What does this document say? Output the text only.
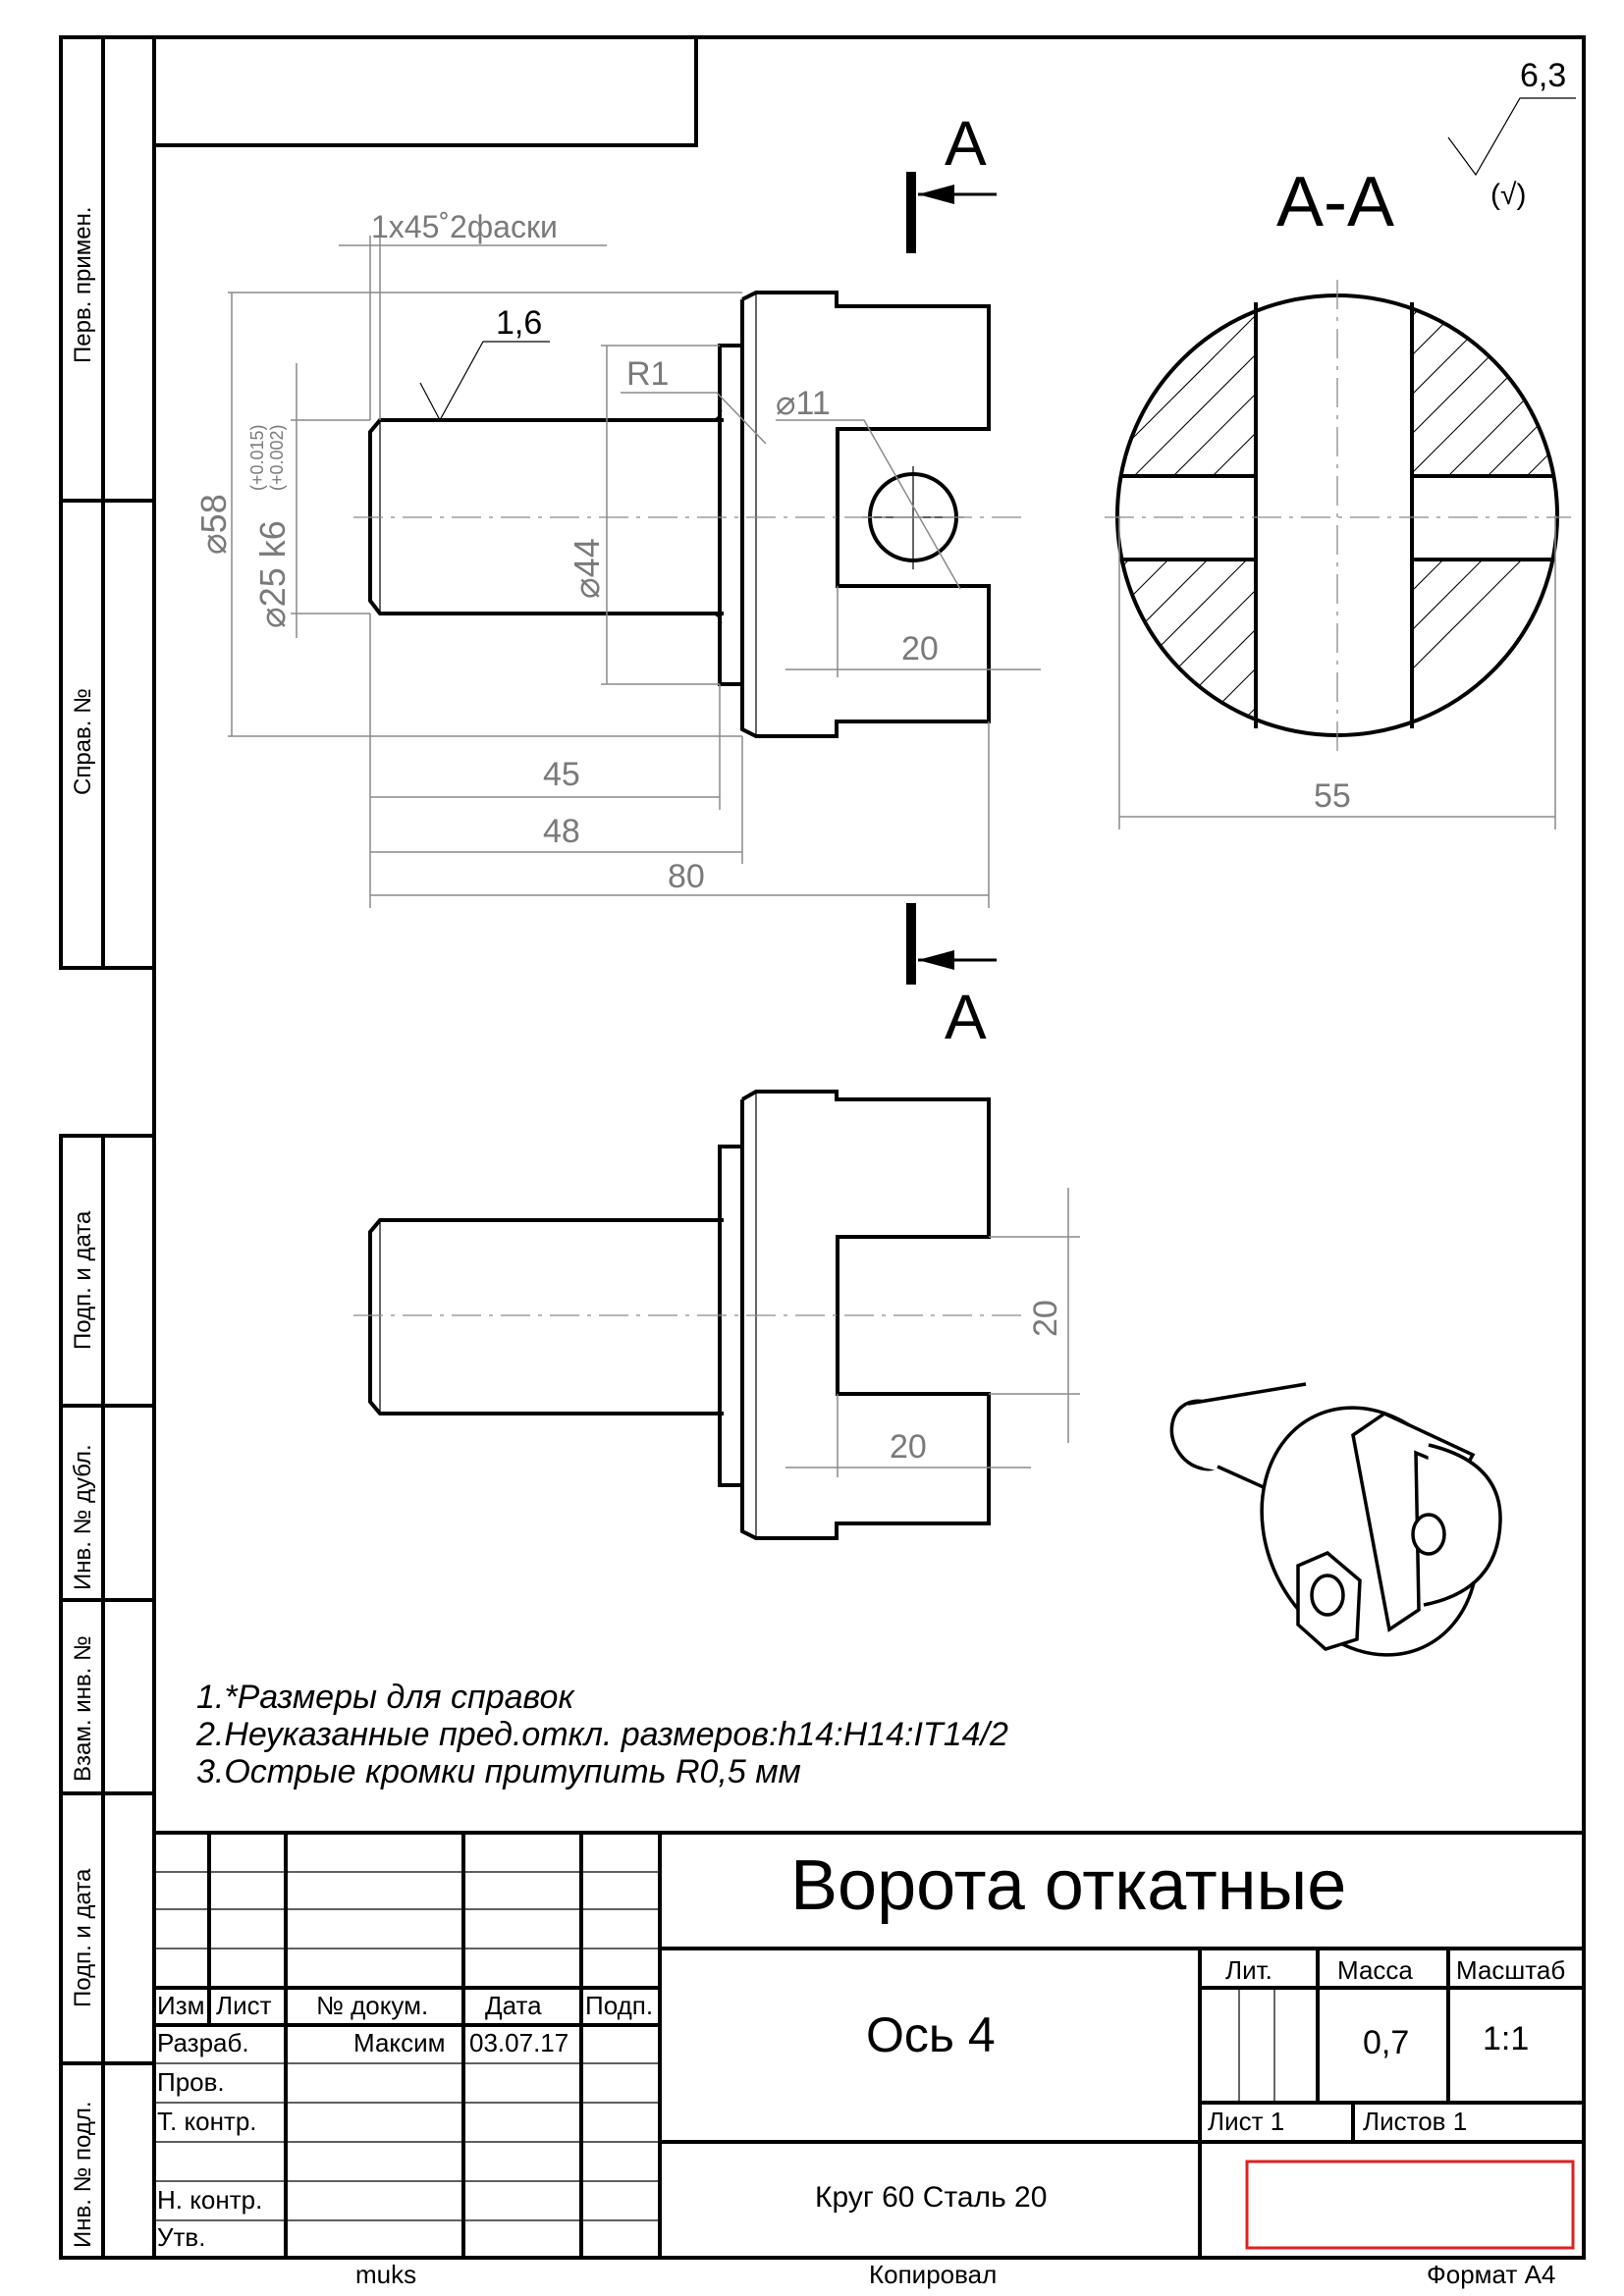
Перв. примен.
Справ. №
Подп. и дата
Инв. № дубл.
Взам. инв. №
Подп. и дата
Инв. № подл.
6,3
(√)
А
А
А-А
1x45˚2фаски
1,6
⌀58 ⌀25 k6
(+0.015) (+0.002)
⌀44
R1
⌀11
20
45
48
80
55
20
20
1.*Размеры для справок
2.Неуказанные пред.откл. размеров:h14:H14:IT14/2
3.Острые кромки притупить R0,5 мм
Изм Лист № докум. Дата Подп.
Разраб.	Максим 03.07.17
Пров.
Т. контр.
Н. контр.
Утв.
Лит.	Масса Масштаб
Лист 1	Листов 1
0,7 1:1
Ворота откатные
Ось 4
Круг 60 Сталь 20
muks	Копировал	Формат А4
